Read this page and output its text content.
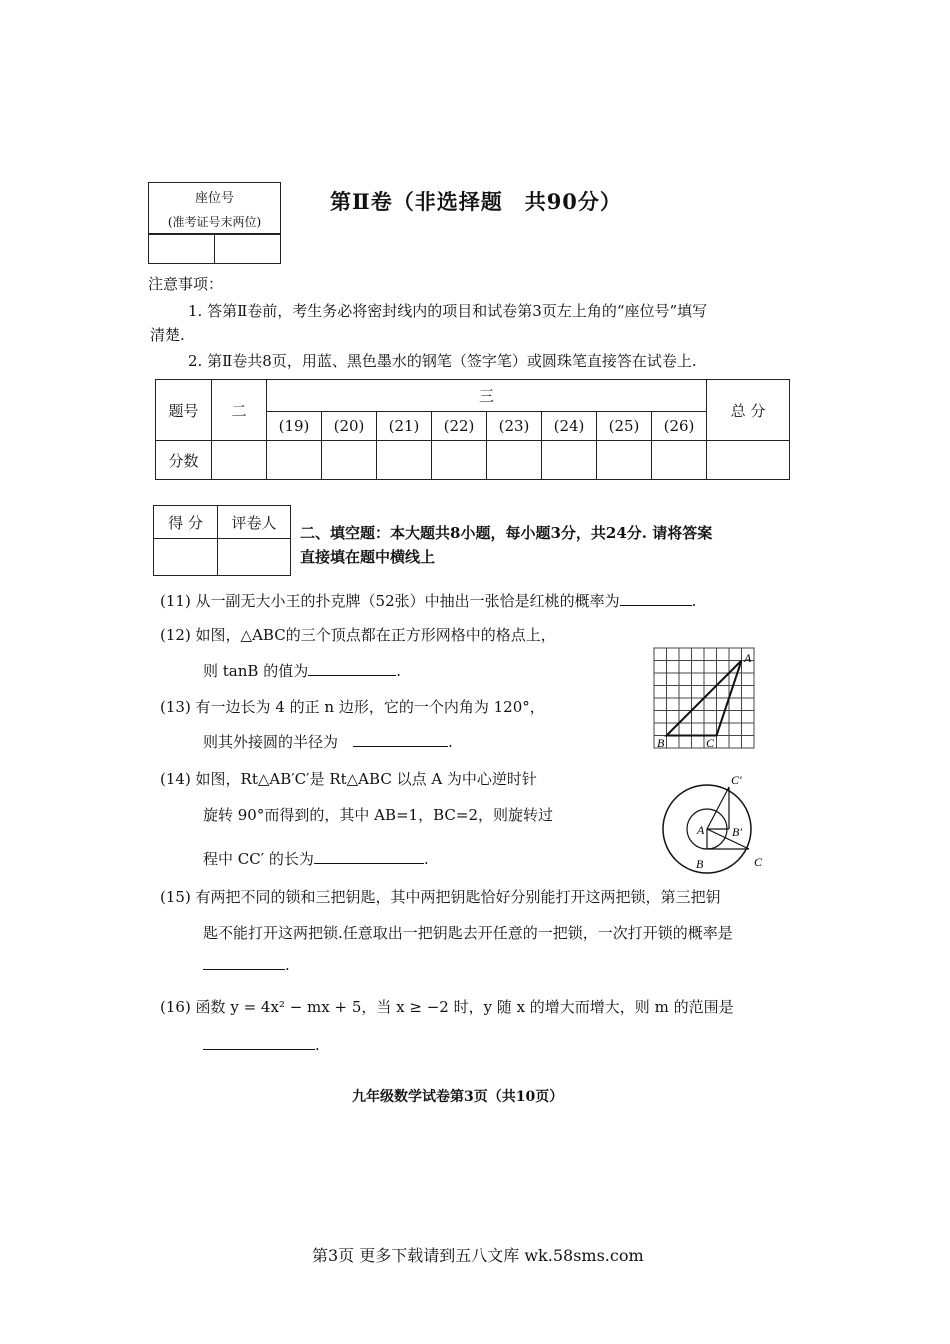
座位号
(准考证号末两位)

第Ⅱ卷（非选择题　共90分）
注意事项：
1. 答第Ⅱ卷前，考生务必将密封线内的项目和试卷第3页左上角的“座位号”填写
清楚.
2. 第Ⅱ卷共8页，用蓝、黑色墨水的钢笔（签字笔）或圆珠笔直接答在试卷上.
题号	二	三								总 分
		(19)	(20)	(21)	(22)	(23)	(24)	(25)	(26)	
分数										
得 分	评卷人

二、填空题：本大题共8小题，每小题3分，共24分. 请将答案
直接填在题中横线上
(11) 从一副无大小王的扑克牌（52张）中抽出一张恰是红桃的概率为	.
(12) 如图，△ABC的三个顶点都在正方形网格中的格点上，
则 tanB 的值为	.
(13) 有一边长为 4 的正 n 边形，它的一个内角为 120°，
则其外接圆的半径为　	.
(14) 如图，Rt△AB′C′是 Rt△ABC 以点 A 为中心逆时针
旋转 90°而得到的，其中 AB=1，BC=2，则旋转过
程中 CC′ 的长为	.
(15) 有两把不同的锁和三把钥匙，其中两把钥匙恰好分别能打开这两把锁，第三把钥
匙不能打开这两把锁.任意取出一把钥匙去开任意的一把锁，一次打开锁的概率是
.
(16) 函数 y = 4x² − mx + 5，当 x ≥ −2 时，y 随 x 的增大而增大，则 m 的范围是
.
A
B	C
C′
A B′
B	C
九年级数学试卷第3页（共10页）
第3页 更多下载请到五八文库 wk.58sms.com
